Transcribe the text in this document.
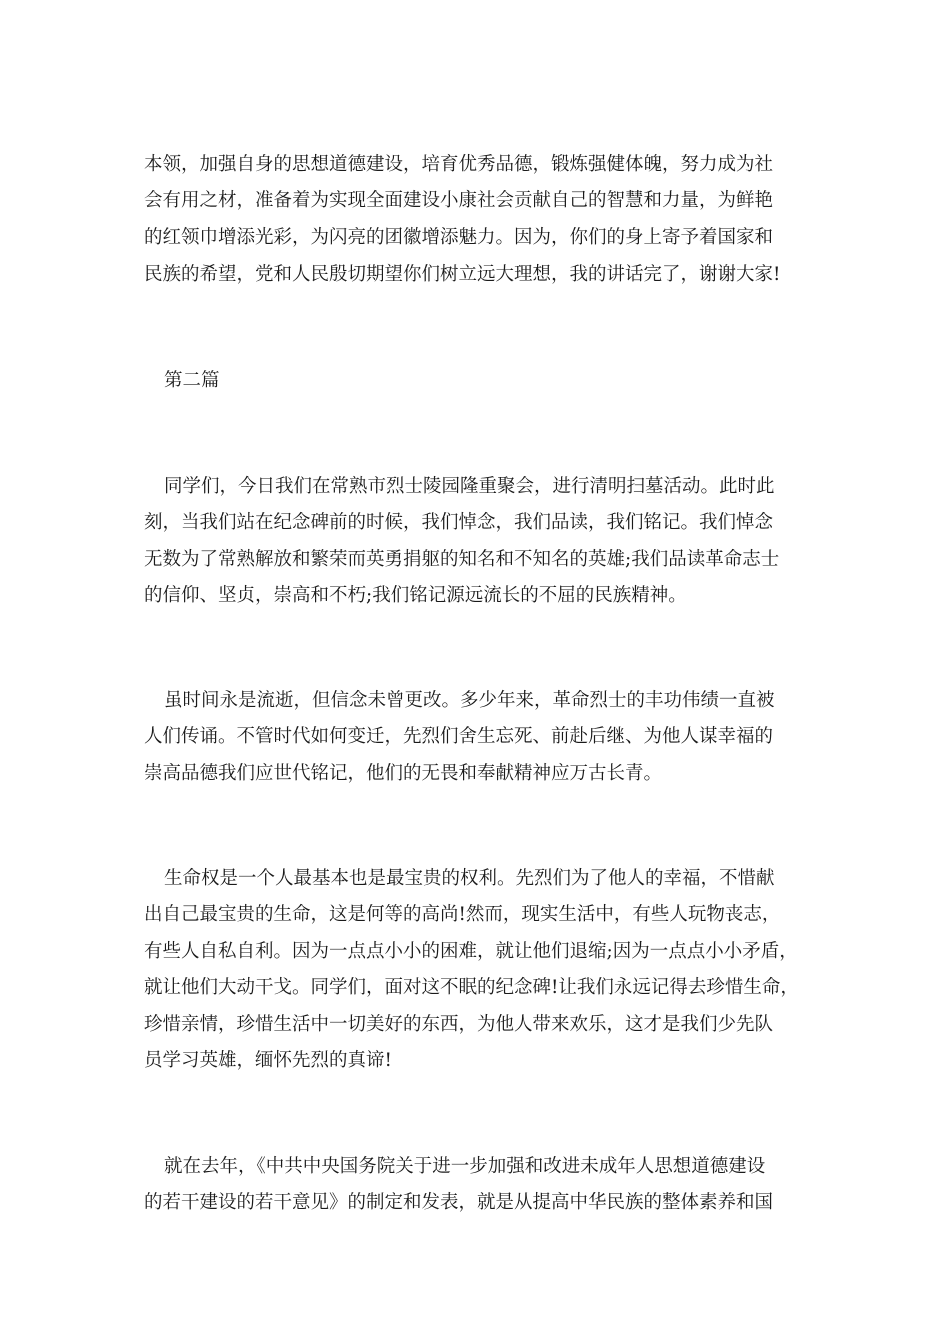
本领，加强自身的思想道德建设，培育优秀品德，锻炼强健体魄，努力成为社
会有用之材，准备着为实现全面建设小康社会贡献自己的智慧和力量，为鲜艳
的红领巾增添光彩，为闪亮的团徽增添魅力。因为，你们的身上寄予着国家和
民族的希望，党和人民殷切期望你们树立远大理想，我的讲话完了，谢谢大家!
第二篇
同学们，今日我们在常熟市烈士陵园隆重聚会，进行清明扫墓活动。此时此
刻，当我们站在纪念碑前的时候，我们悼念，我们品读，我们铭记。我们悼念
无数为了常熟解放和繁荣而英勇捐躯的知名和不知名的英雄;我们品读革命志士
的信仰、坚贞，崇高和不朽;我们铭记源远流长的不屈的民族精神。
虽时间永是流逝，但信念未曾更改。多少年来，革命烈士的丰功伟绩一直被
人们传诵。不管时代如何变迁，先烈们舍生忘死、前赴后继、为他人谋幸福的
崇高品德我们应世代铭记，他们的无畏和奉献精神应万古长青。
生命权是一个人最基本也是最宝贵的权利。先烈们为了他人的幸福，不惜献
出自己最宝贵的生命，这是何等的高尚!然而，现实生活中，有些人玩物丧志，
有些人自私自利。因为一点点小小的困难，就让他们退缩;因为一点点小小矛盾，
就让他们大动干戈。同学们，面对这不眠的纪念碑!让我们永远记得去珍惜生命，
珍惜亲情，珍惜生活中一切美好的东西，为他人带来欢乐，这才是我们少先队
员学习英雄，缅怀先烈的真谛!
就在去年，《中共中央国务院关于进一步加强和改进未成年人思想道德建设
的若干建设的若干意见》的制定和发表，就是从提高中华民族的整体素养和国
